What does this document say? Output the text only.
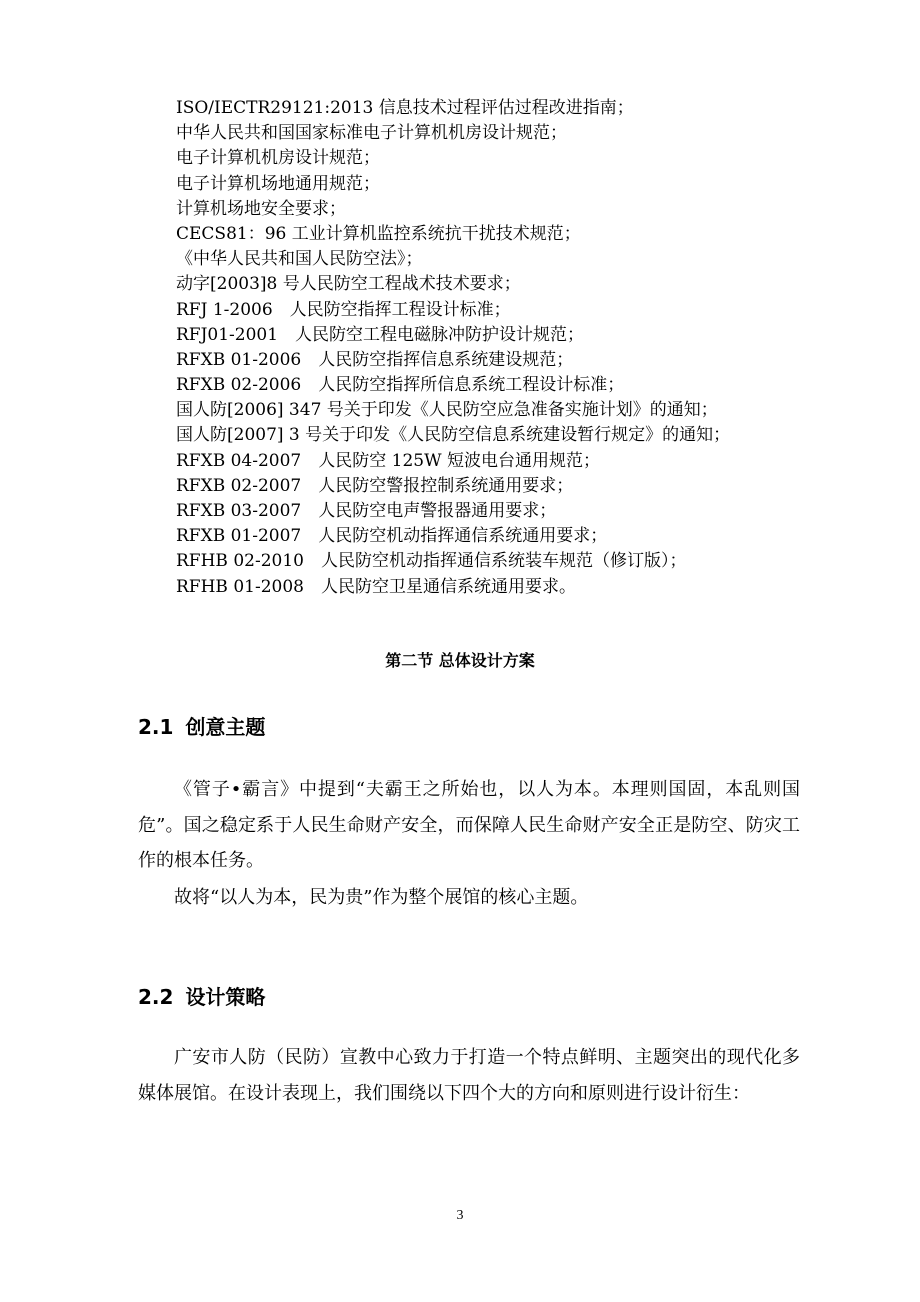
ISO/IECTR29121:2013 信息技术过程评估过程改进指南；
中华人民共和国国家标准电子计算机机房设计规范；
电子计算机机房设计规范；
电子计算机场地通用规范；
计算机场地安全要求；
CECS81：96 工业计算机监控系统抗干扰技术规范；
《中华人民共和国人民防空法》；
动字[2003]8 号人民防空工程战术技术要求；
RFJ 1-2006　人民防空指挥工程设计标准；
RFJ01-2001　人民防空工程电磁脉冲防护设计规范；
RFXB 01-2006　人民防空指挥信息系统建设规范；
RFXB 02-2006　人民防空指挥所信息系统工程设计标准；
国人防[2006] 347 号关于印发《人民防空应急准备实施计划》的通知；
国人防[2007] 3 号关于印发《人民防空信息系统建设暂行规定》的通知；
RFXB 04-2007　人民防空 125W 短波电台通用规范；
RFXB 02-2007　人民防空警报控制系统通用要求；
RFXB 03-2007　人民防空电声警报器通用要求；
RFXB 01-2007　人民防空机动指挥通信系统通用要求；
RFHB 02-2010　人民防空机动指挥通信系统装车规范（修订版）；
RFHB 01-2008　人民防空卫星通信系统通用要求。
第二节 总体设计方案
2.1 创意主题

《管子•霸言》中提到“夫霸王之所始也，以人为本。本理则国固，本乱则国危”。国之稳定系于人民生命财产安全，而保障人民生命财产安全正是防空、防灾工作的根本任务。

故将“以人为本，民为贵”作为整个展馆的核心主题。

2.2 设计策略

广安市人防（民防）宣教中心致力于打造一个特点鲜明、主题突出的现代化多媒体展馆。在设计表现上，我们围绕以下四个大的方向和原则进行设计衍生：

3
